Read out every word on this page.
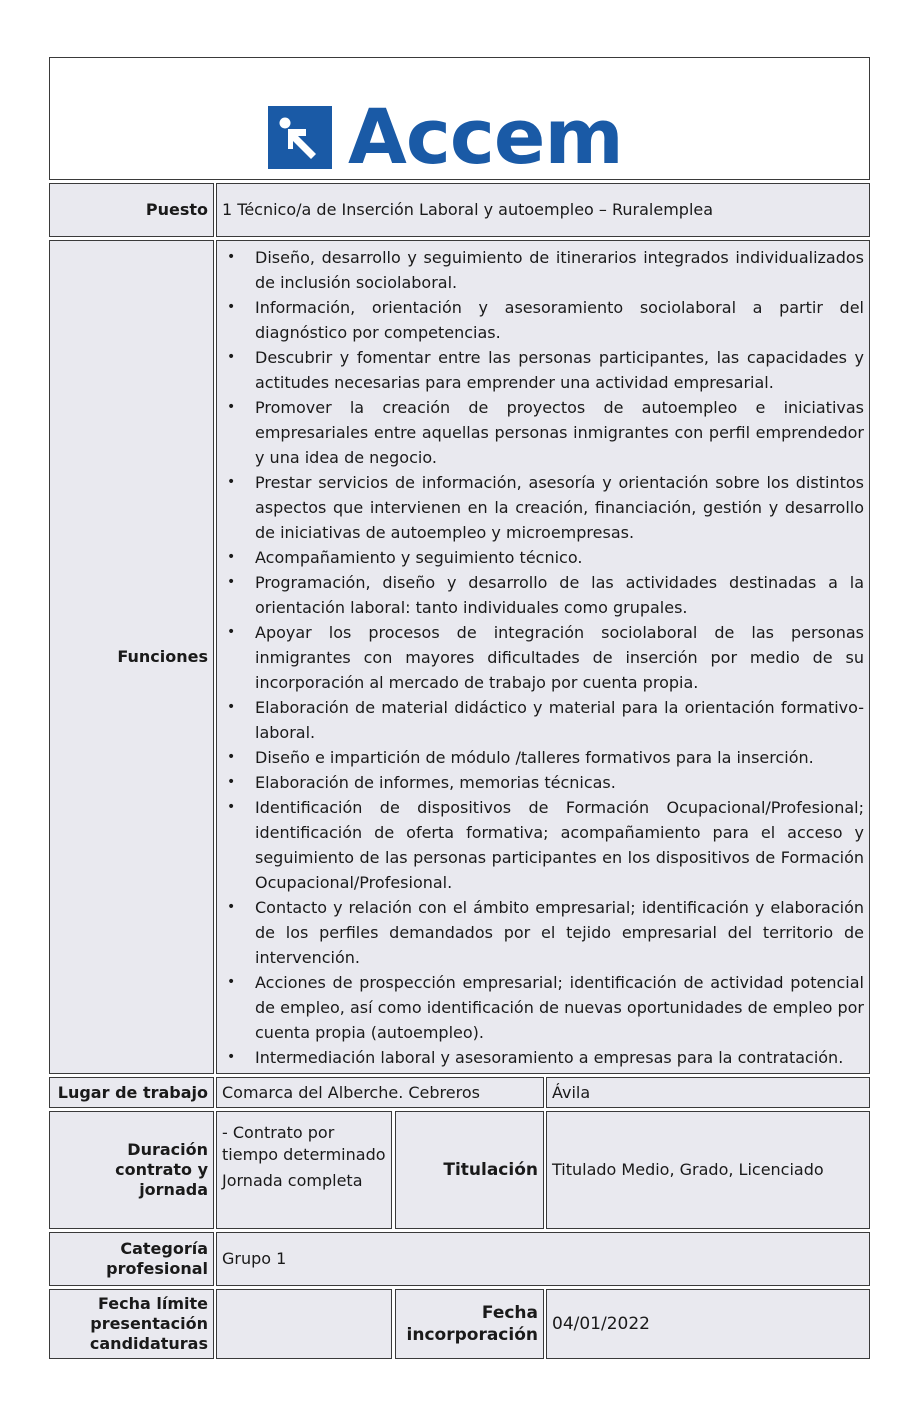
Accem
Puesto 1 Técnico/a de Inserción Laboral y autoempleo – Ruralemplea
Funciones
• Diseño, desarrollo y seguimiento de itinerarios integrados individualizados de inclusión sociolaboral.
• Información, orientación y asesoramiento sociolaboral a partir del diagnóstico por competencias.
• Descubrir y fomentar entre las personas participantes, las capacidades y actitudes necesarias para emprender una actividad empresarial.
• Promover la creación de proyectos de autoempleo e iniciativas empresariales entre aquellas personas inmigrantes con perfil emprendedor y una idea de negocio.
• Prestar servicios de información, asesoría y orientación sobre los distintos aspectos que intervienen en la creación, financiación, gestión y desarrollo de iniciativas de autoempleo y microempresas.
• Acompañamiento y seguimiento técnico.
• Programación, diseño y desarrollo de las actividades destinadas a la orientación laboral: tanto individuales como grupales.
• Apoyar los procesos de integración sociolaboral de las personas inmigrantes con mayores dificultades de inserción por medio de su incorporación al mercado de trabajo por cuenta propia.
• Elaboración de material didáctico y material para la orientación formativo-laboral.
• Diseño e impartición de módulo /talleres formativos para la inserción.
• Elaboración de informes, memorias técnicas.
• Identificación de dispositivos de Formación Ocupacional/Profesional; identificación de oferta formativa; acompañamiento para el acceso y seguimiento de las personas participantes en los dispositivos de Formación Ocupacional/Profesional.
• Contacto y relación con el ámbito empresarial; identificación y elaboración de los perfiles demandados por el tejido empresarial del territorio de intervención.
• Acciones de prospección empresarial; identificación de actividad potencial de empleo, así como identificación de nuevas oportunidades de empleo por cuenta propia (autoempleo).
• Intermediación laboral y asesoramiento a empresas para la contratación.
Lugar de trabajo Comarca del Alberche. Cebreros	Ávila
Duración
contrato y
jornada
- Contrato por
tiempo determinado
Jornada completa
Titulación Titulado Medio, Grado, Licenciado
Categoría
profesional
Grupo 1
Fecha límite
presentación
candidaturas
Fecha
incorporación
04/01/2022
